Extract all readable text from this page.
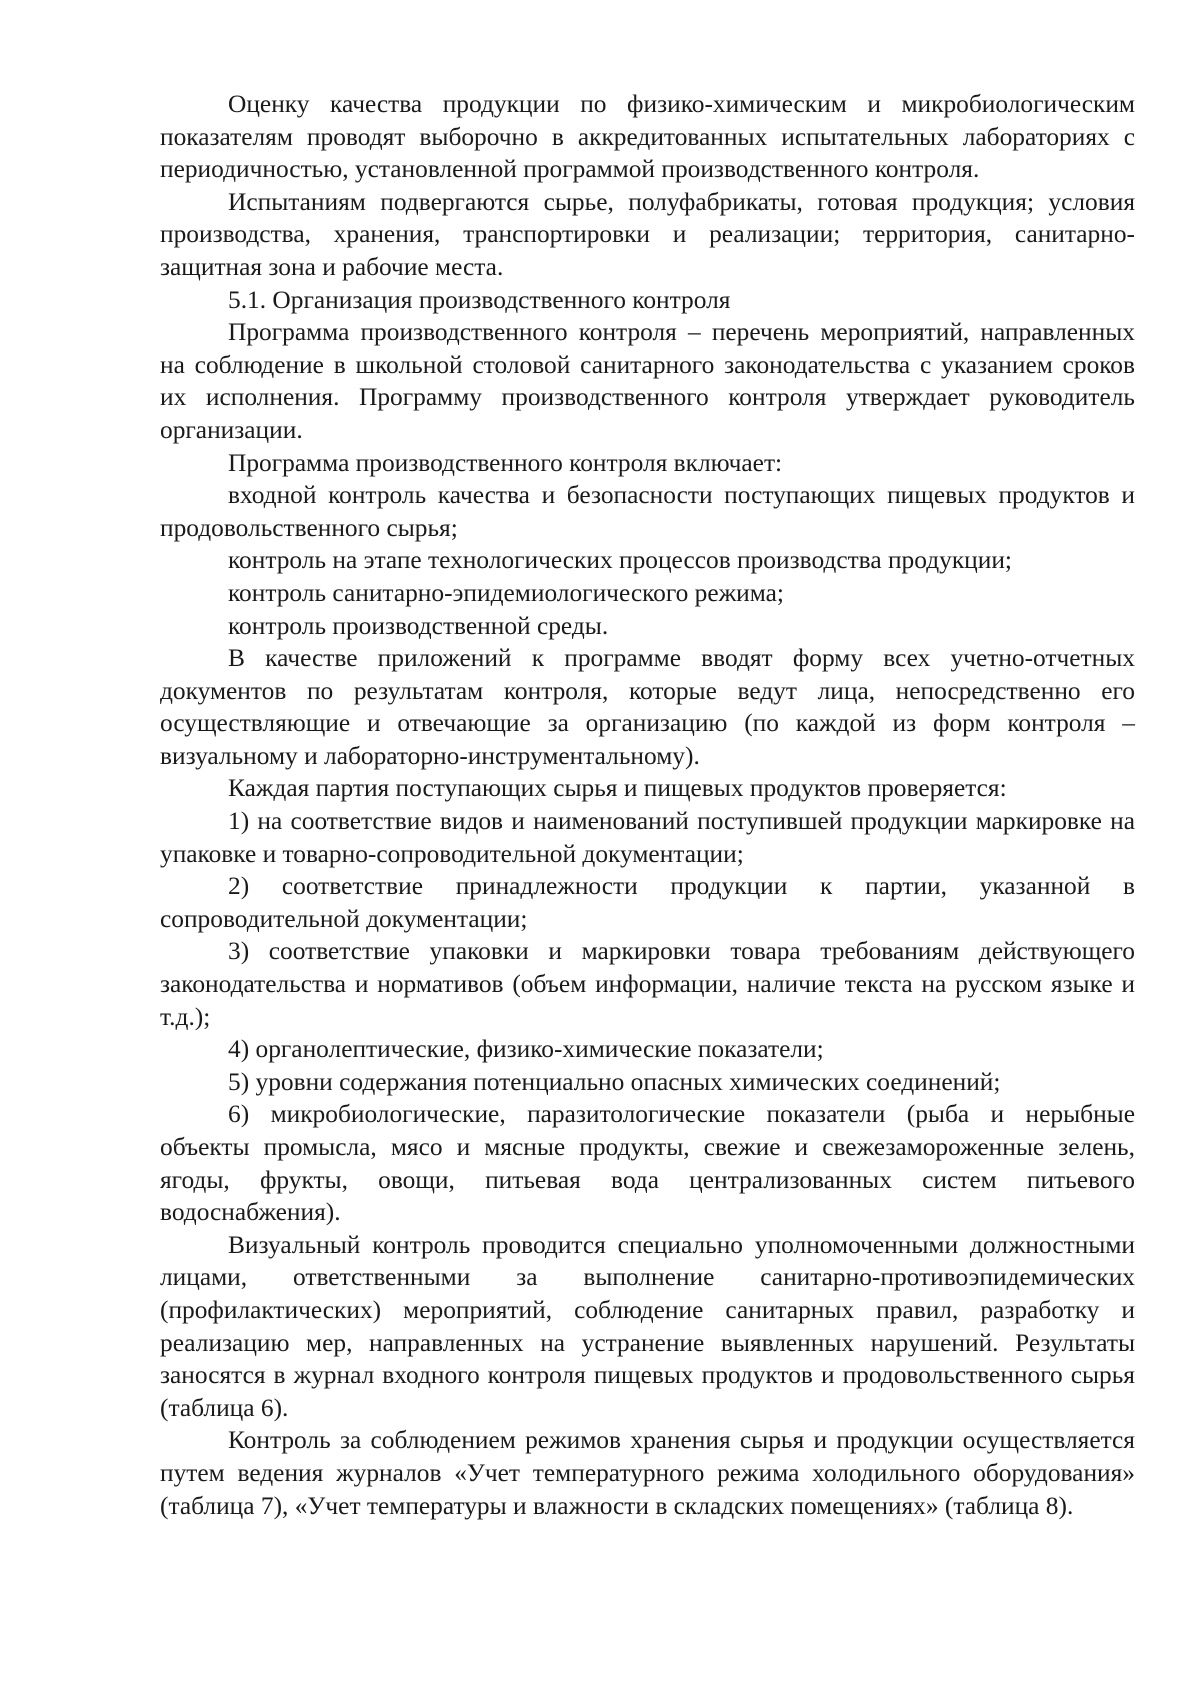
Оценку качества продукции по физико-химическим и микробиологическим показателям проводят выборочно в аккредитованных испытательных лабораториях с периодичностью, установленной программой производственного контроля.

Испытаниям подвергаются сырье, полуфабрикаты, готовая продукция; условия производства, хранения, транспортировки и реализации; территория, санитарно-защитная зона и рабочие места.

5.1. Организация производственного контроля

Программа производственного контроля – перечень мероприятий, направленных на соблюдение в школьной столовой санитарного законодательства с указанием сроков их исполнения. Программу производственного контроля утверждает руководитель организации.

Программа производственного контроля включает:

входной контроль качества и безопасности поступающих пищевых продуктов и продовольственного сырья;

контроль на этапе технологических процессов производства продукции;

контроль санитарно-эпидемиологического режима;

контроль производственной среды.

В качестве приложений к программе вводят форму всех учетно-отчетных документов по результатам контроля, которые ведут лица, непосредственно его осуществляющие и отвечающие за организацию (по каждой из форм контроля – визуальному и лабораторно-инструментальному).

Каждая партия поступающих сырья и пищевых продуктов проверяется:

1) на соответствие видов и наименований поступившей продукции маркировке на упаковке и товарно-сопроводительной документации;

2) соответствие принадлежности продукции к партии, указанной в сопроводительной документации;

3) соответствие упаковки и маркировки товара требованиям действующего законодательства и нормативов (объем информации, наличие текста на русском языке и т.д.);

4) органолептические, физико-химические показатели;

5) уровни содержания потенциально опасных химических соединений;

6) микробиологические, паразитологические показатели (рыба и нерыбные объекты промысла, мясо и мясные продукты, свежие и свежезамороженные зелень, ягоды, фрукты, овощи, питьевая вода централизованных систем питьевого водоснабжения).

Визуальный контроль проводится специально уполномоченными должностными лицами, ответственными за выполнение санитарно-противоэпидемических (профилактических) мероприятий, соблюдение санитарных правил, разработку и реализацию мер, направленных на устранение выявленных нарушений. Результаты заносятся в журнал входного контроля пищевых продуктов и продовольственного сырья (таблица 6).

Контроль за соблюдением режимов хранения сырья и продукции осуществляется путем ведения журналов «Учет температурного режима холодильного оборудования» (таблица 7), «Учет температуры и влажности в складских помещениях» (таблица 8).
